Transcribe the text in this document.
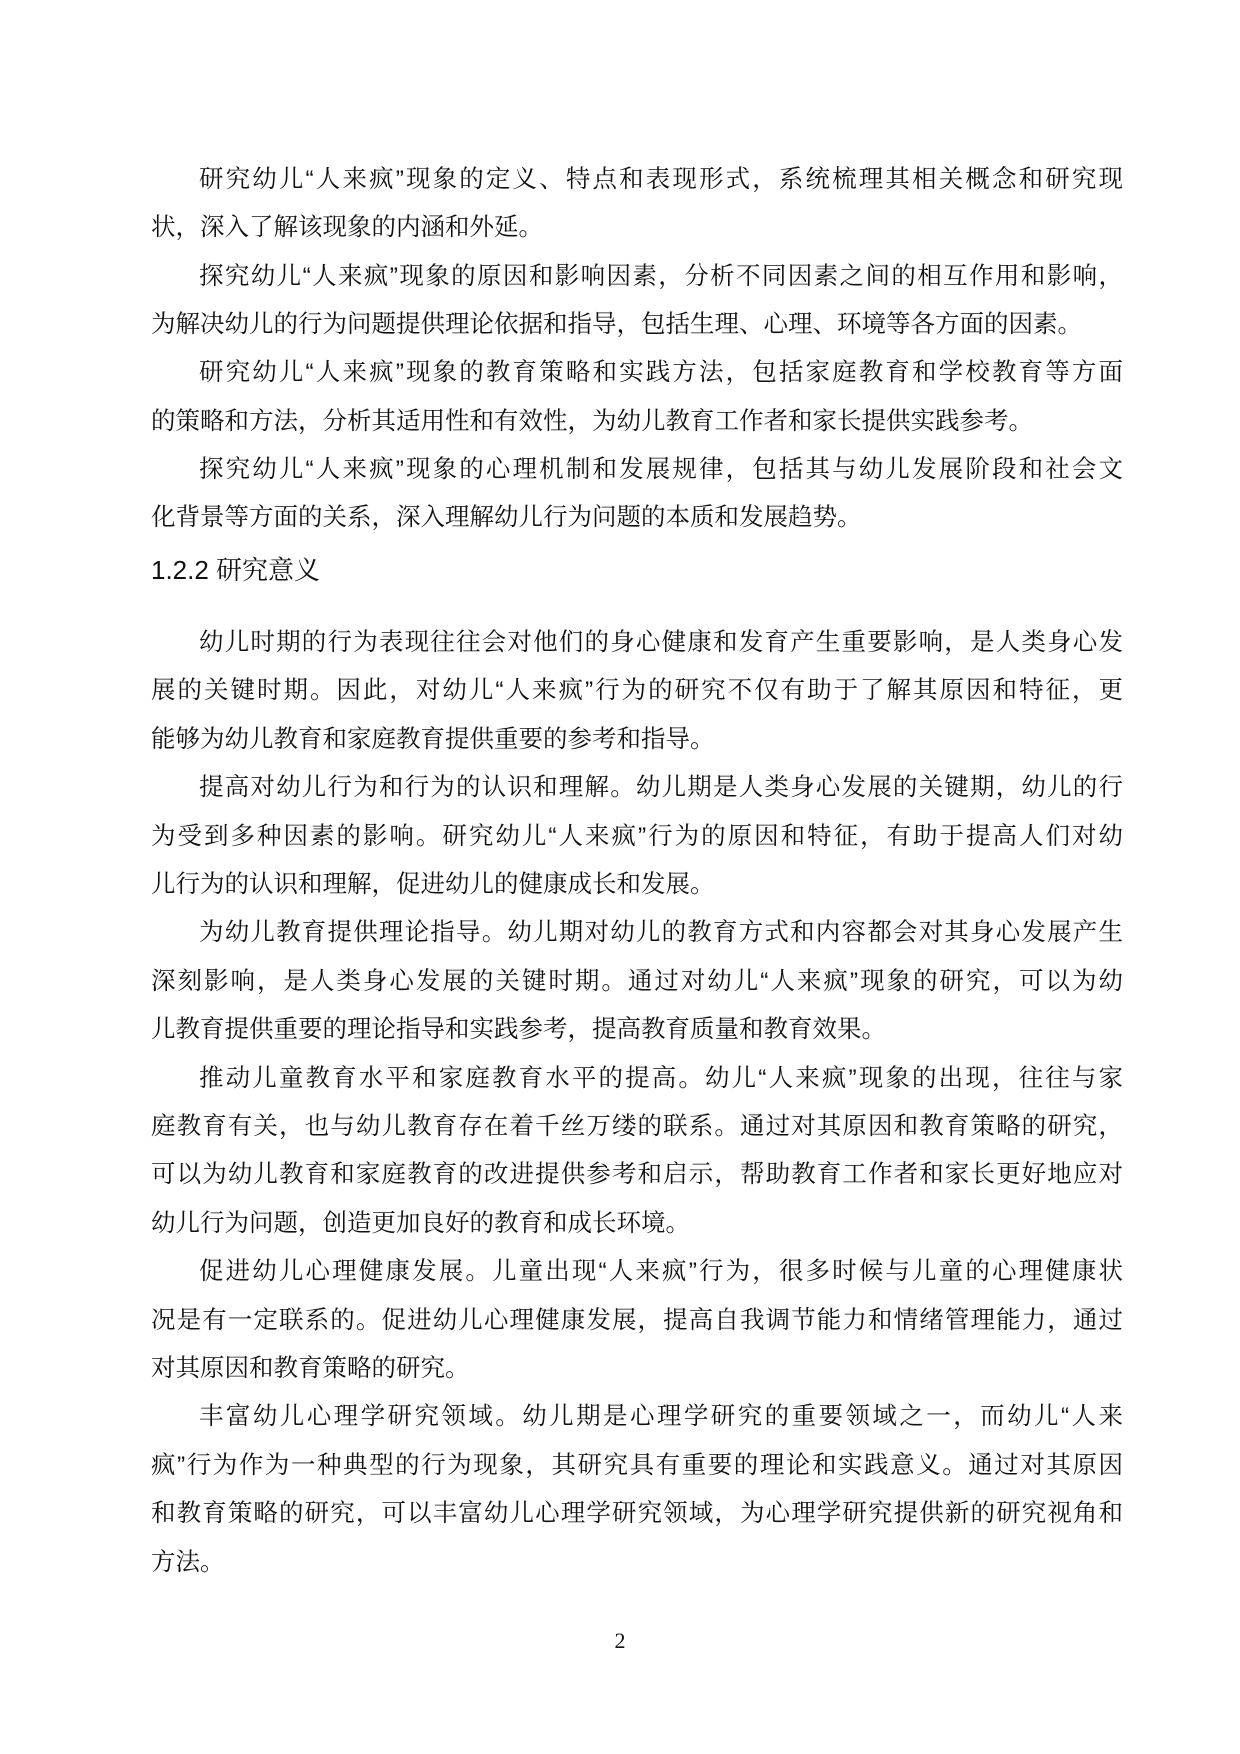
研究幼儿“人来疯”现象的定义、特点和表现形式，系统梳理其相关概念和研究现
状，深入了解该现象的内涵和外延。
探究幼儿“人来疯”现象的原因和影响因素，分析不同因素之间的相互作用和影响，
为解决幼儿的行为问题提供理论依据和指导，包括生理、心理、环境等各方面的因素。
研究幼儿“人来疯”现象的教育策略和实践方法，包括家庭教育和学校教育等方面
的策略和方法，分析其适用性和有效性，为幼儿教育工作者和家长提供实践参考。
探究幼儿“人来疯”现象的心理机制和发展规律，包括其与幼儿发展阶段和社会文
化背景等方面的关系，深入理解幼儿行为问题的本质和发展趋势。
1.2.2 研究意义
幼儿时期的行为表现往往会对他们的身心健康和发育产生重要影响，是人类身心发
展的关键时期。因此，对幼儿“人来疯”行为的研究不仅有助于了解其原因和特征，更
能够为幼儿教育和家庭教育提供重要的参考和指导。
提高对幼儿行为和行为的认识和理解。幼儿期是人类身心发展的关键期，幼儿的行
为受到多种因素的影响。研究幼儿“人来疯”行为的原因和特征，有助于提高人们对幼
儿行为的认识和理解，促进幼儿的健康成长和发展。
为幼儿教育提供理论指导。幼儿期对幼儿的教育方式和内容都会对其身心发展产生
深刻影响，是人类身心发展的关键时期。通过对幼儿“人来疯”现象的研究，可以为幼
儿教育提供重要的理论指导和实践参考，提高教育质量和教育效果。
推动儿童教育水平和家庭教育水平的提高。幼儿“人来疯”现象的出现，往往与家
庭教育有关，也与幼儿教育存在着千丝万缕的联系。通过对其原因和教育策略的研究，
可以为幼儿教育和家庭教育的改进提供参考和启示，帮助教育工作者和家长更好地应对
幼儿行为问题，创造更加良好的教育和成长环境。
促进幼儿心理健康发展。儿童出现“人来疯”行为，很多时候与儿童的心理健康状
况是有一定联系的。促进幼儿心理健康发展，提高自我调节能力和情绪管理能力，通过
对其原因和教育策略的研究。
丰富幼儿心理学研究领域。幼儿期是心理学研究的重要领域之一，而幼儿“人来
疯”行为作为一种典型的行为现象，其研究具有重要的理论和实践意义。通过对其原因
和教育策略的研究，可以丰富幼儿心理学研究领域，为心理学研究提供新的研究视角和
方法。
2
